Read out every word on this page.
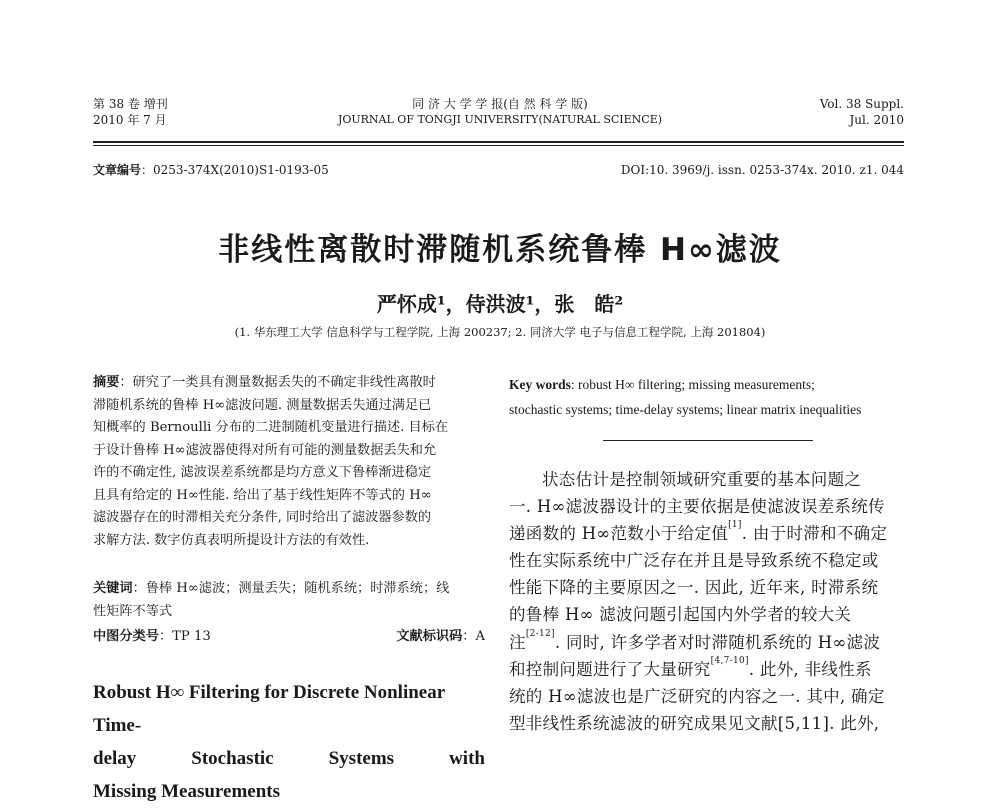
第 38 卷 增刊
2010 年 7 月
同 济 大 学 学 报(自 然 科 学 版)
JOURNAL OF TONGJI UNIVERSITY(NATURAL SCIENCE)
Vol. 38 Suppl.
Jul. 2010
文章编号：0253-374X(2010)S1-0193-05	DOI:10. 3969/j. issn. 0253-374x. 2010. z1. 044
非线性离散时滞随机系统鲁棒 H∞滤波
严怀成¹，侍洪波¹，张　皓²
(1. 华东理工大学 信息科学与工程学院, 上海 200237; 2. 同济大学 电子与信息工程学院, 上海 201804)
摘要：研究了一类具有测量数据丢失的不确定非线性离散时
滞随机系统的鲁棒 H∞滤波问题. 测量数据丢失通过满足已
知概率的 Bernoulli 分布的二进制随机变量进行描述. 目标在
于设计鲁棒 H∞滤波器使得对所有可能的测量数据丢失和允
许的不确定性, 滤波误差系统都是均方意义下鲁棒渐进稳定
且具有给定的 H∞性能. 给出了基于线性矩阵不等式的 H∞
滤波器存在的时滞相关充分条件, 同时给出了滤波器参数的
求解方法. 数字仿真表明所提设计方法的有效性.
关键词：鲁棒 H∞滤波；测量丢失；随机系统；时滞系统；线
性矩阵不等式
中图分类号：TP 13	文献标识码：A
Robust H∞ Filtering for Discrete Nonlinear Time-
delay	Stochastic	Systems	with
Missing Measurements
Key words: robust H∞ filtering; missing measurements;
stochastic systems; time-delay systems; linear matrix inequalities
状态估计是控制领域研究重要的基本问题之
一. H∞滤波器设计的主要依据是使滤波误差系统传
递函数的 H∞范数小于给定值[1]. 由于时滞和不确定
性在实际系统中广泛存在并且是导致系统不稳定或
性能下降的主要原因之一. 因此, 近年来, 时滞系统
的鲁棒 H∞ 滤波问题引起国内外学者的较大关
注[2-12]. 同时, 许多学者对时滞随机系统的 H∞滤波
和控制问题进行了大量研究[4,7-10]. 此外, 非线性系
统的 H∞滤波也是广泛研究的内容之一. 其中, 确定
型非线性系统滤波的研究成果见文献[5,11]. 此外,
